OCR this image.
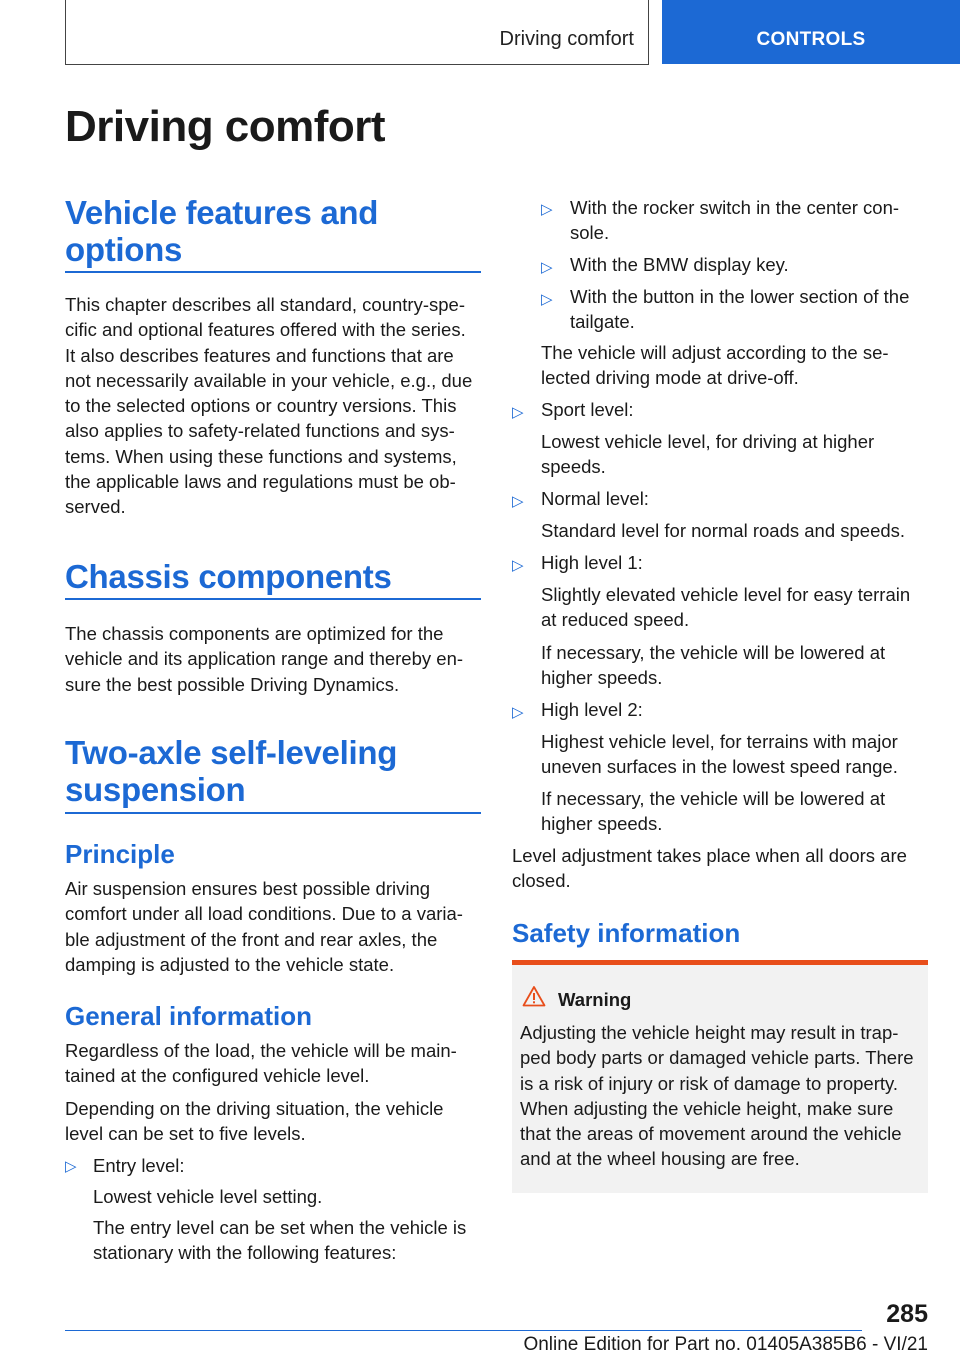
Driving comfort	CONTROLS
Driving comfort
Vehicle features and options

This chapter describes all standard, country-spe-cific and optional features offered with the series. It also describes features and functions that are not necessarily available in your vehicle, e.g., due to the selected options or country versions. This also applies to safety-related functions and sys-tems. When using these functions and systems, the applicable laws and regulations must be ob-served.

Chassis components

The chassis components are optimized for the vehicle and its application range and thereby en-sure the best possible Driving Dynamics.

Two-axle self-leveling suspension
Principle

Air suspension ensures best possible driving comfort under all load conditions. Due to a varia-ble adjustment of the front and rear axles, the damping is adjusted to the vehicle state.

General information

Regardless of the load, the vehicle will be main-tained at the configured vehicle level.

Depending on the driving situation, the vehicle level can be set to five levels.

▷ Entry level:

Lowest vehicle level setting.

The entry level can be set when the vehicle is stationary with the following features:

▷ With the rocker switch in the center con-sole.

▷ With the BMW display key.

▷ With the button in the lower section of the tailgate.

The vehicle will adjust according to the se-lected driving mode at drive-off.

▷ Sport level:

Lowest vehicle level, for driving at higher speeds.

▷ Normal level:

Standard level for normal roads and speeds.

▷ High level 1:

Slightly elevated vehicle level for easy terrain at reduced speed.

If necessary, the vehicle will be lowered at higher speeds.

▷ High level 2:

Highest vehicle level, for terrains with major uneven surfaces in the lowest speed range.

If necessary, the vehicle will be lowered at higher speeds.

Level adjustment takes place when all doors are closed.

Safety information
Warning

Adjusting the vehicle height may result in trap-ped body parts or damaged vehicle parts. There is a risk of injury or risk of damage to property. When adjusting the vehicle height, make sure that the areas of movement around the vehicle and at the wheel housing are free.

285
Online Edition for Part no. 01405A385B6 - VI/21
